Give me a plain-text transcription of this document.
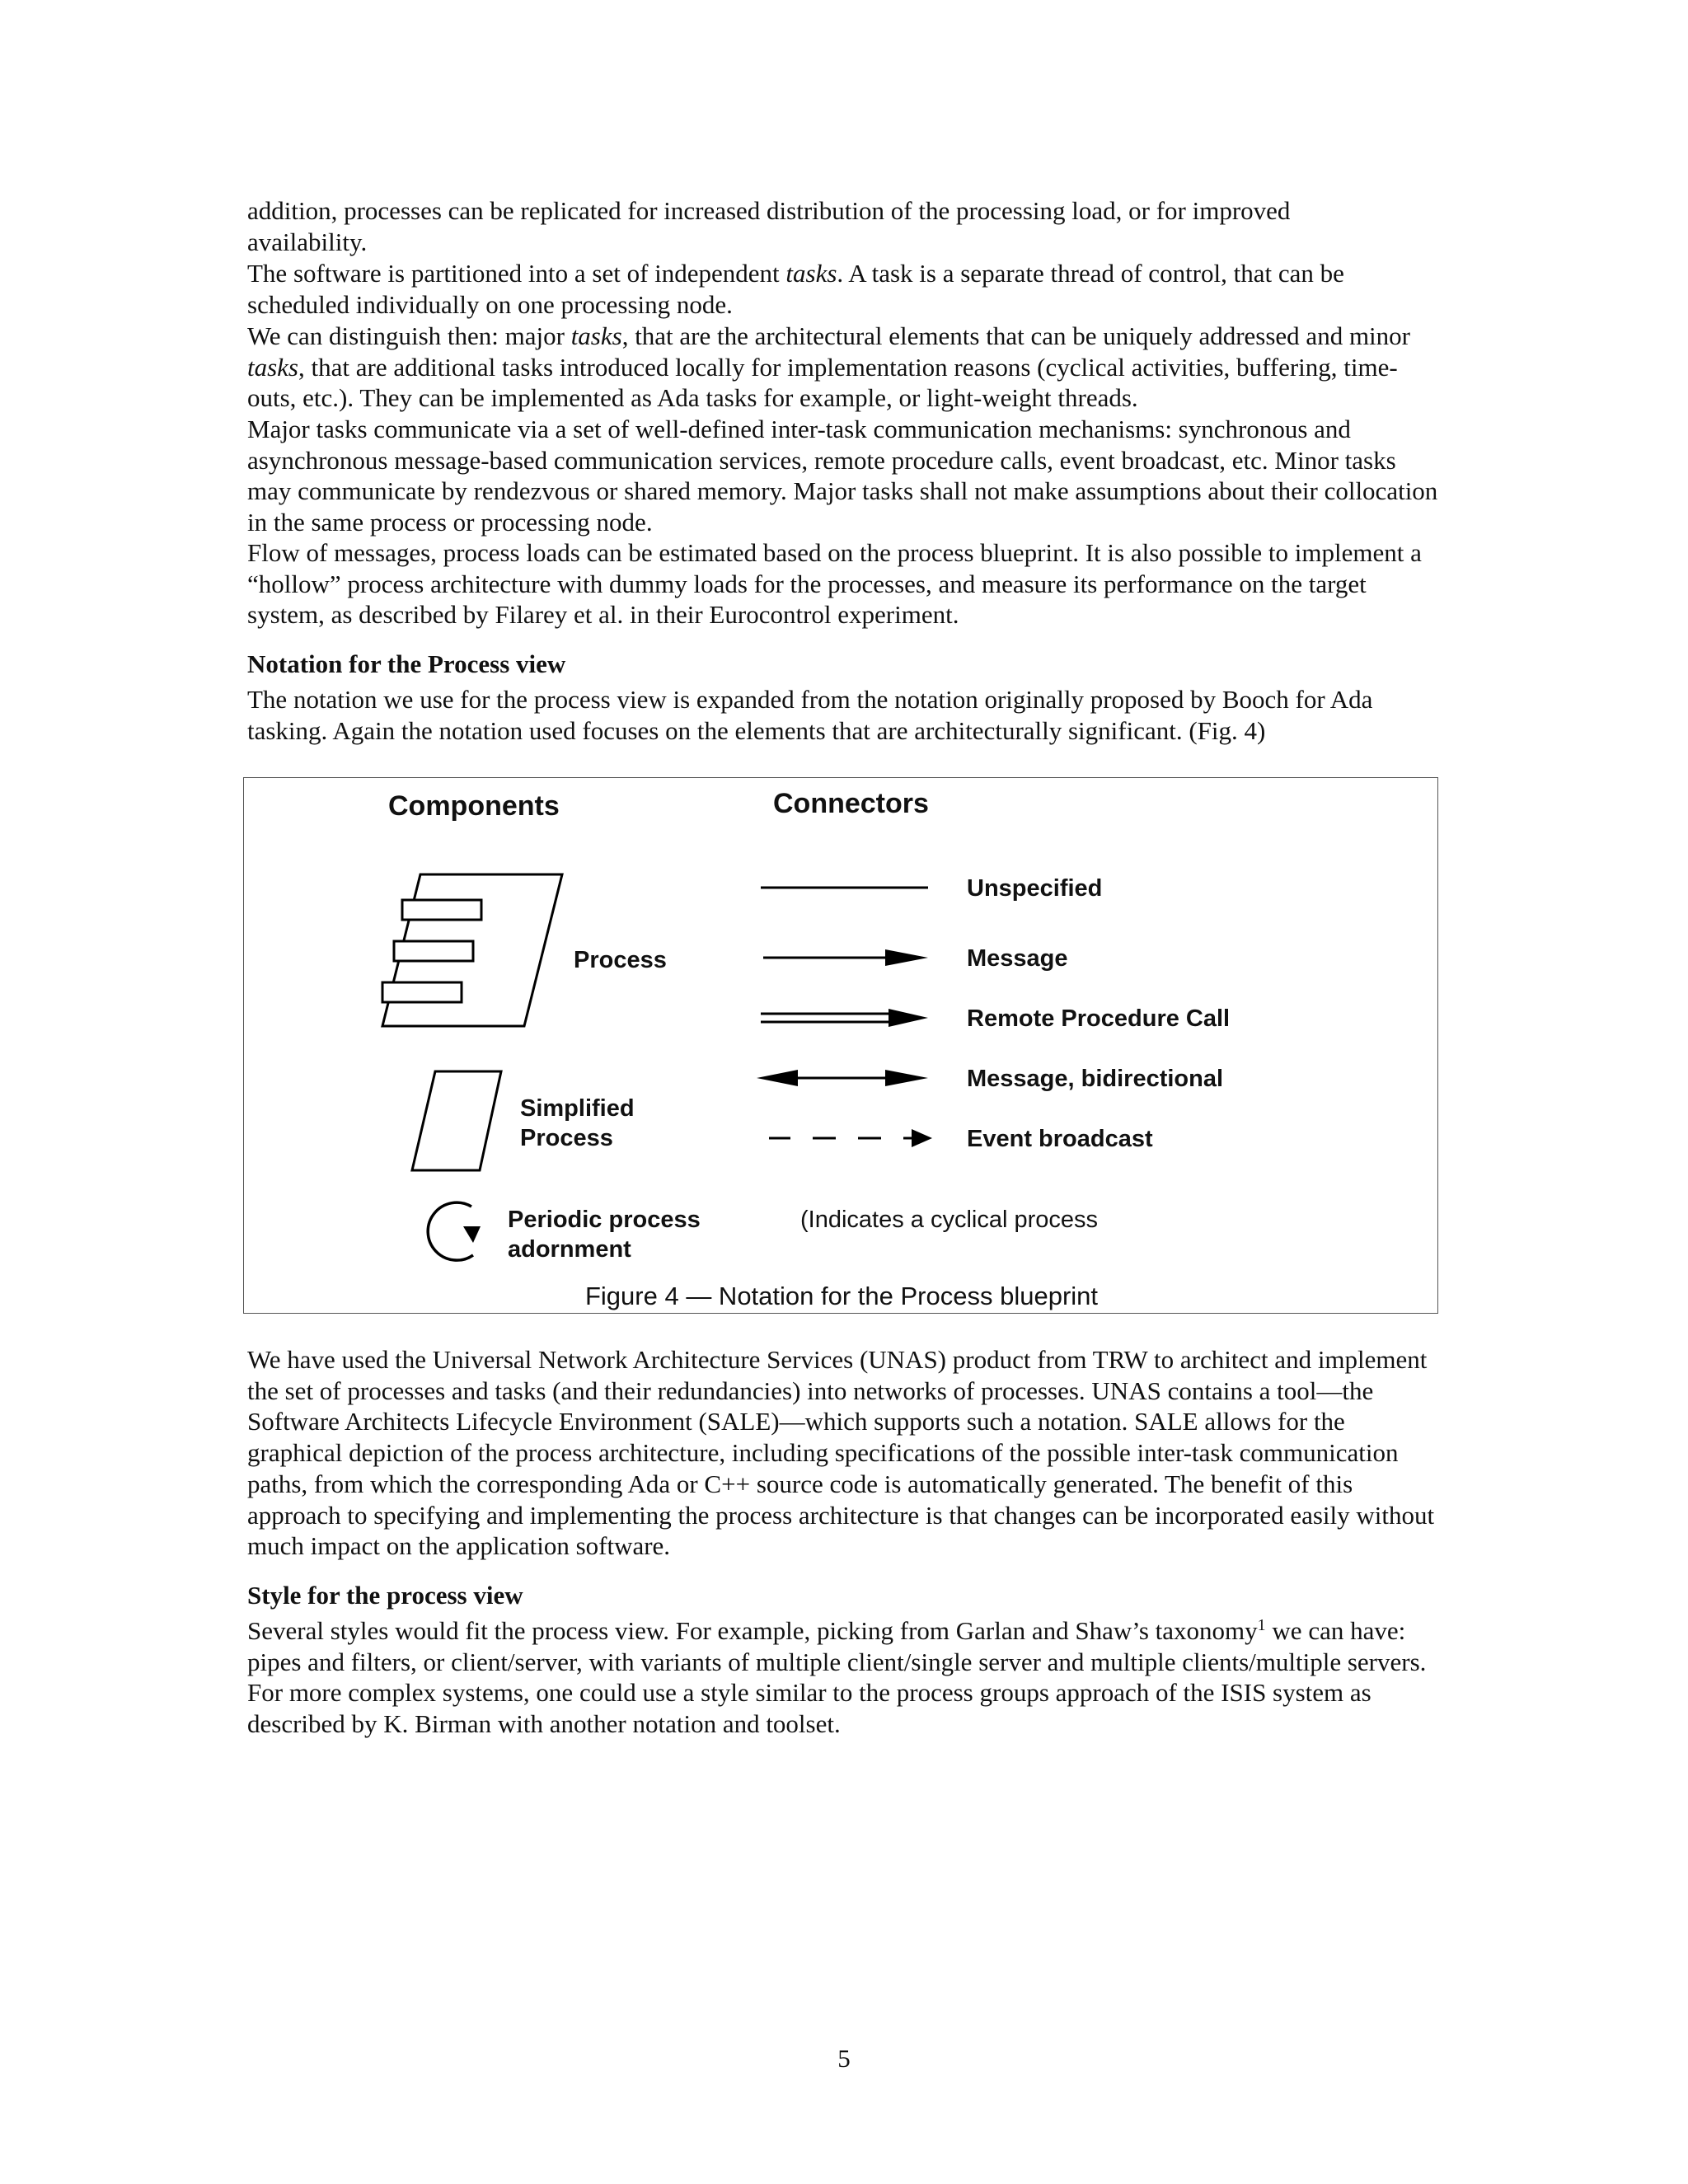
addition, processes can be replicated for increased distribution of the processing load, or for improved
availability.

The software is partitioned into a set of independent tasks. A task is a separate thread of control, that can be scheduled individually on one processing node.

We can distinguish then: major tasks, that are the architectural elements that can be uniquely addressed and minor tasks, that are additional tasks introduced locally for implementation reasons (cyclical activities, buffering, time-outs, etc.). They can be implemented as Ada tasks for example, or light-weight threads.

Major tasks communicate via a set of well-defined inter-task communication mechanisms: synchronous and asynchronous message-based communication services, remote procedure calls, event broadcast, etc. Minor tasks may communicate by rendezvous or shared memory. Major tasks shall not make assumptions about their collocation in the same process or processing node.

Flow of messages, process loads can be estimated based on the process blueprint. It is also possible to implement a “hollow” process architecture with dummy loads for the processes, and measure its performance on the target system, as described by Filarey et al. in their Eurocontrol experiment.

Notation for the Process view

The notation we use for the process view is expanded from the notation originally proposed by Booch for Ada tasking. Again the notation used focuses on the elements that are architecturally significant. (Fig. 4)

Components	Connectors
Process
Simplified
Process
Periodic process
adornment
(Indicates a cyclical process
Unspecified
Message
Remote Procedure Call
Message, bidirectional
Event broadcast
Figure 4 — Notation for the Process blueprint

We have used the Universal Network Architecture Services (UNAS) product from TRW to architect and implement the set of processes and tasks (and their redundancies) into networks of processes. UNAS contains a tool—the Software Architects Lifecycle Environment (SALE)—which supports such a notation. SALE allows for the graphical depiction of the process architecture, including specifications of the possible inter-task communication paths, from which the corresponding Ada or C++ source code is automatically generated. The benefit of this approach to specifying and implementing the process architecture is that changes can be incorporated easily without much impact on the application software.

Style for the process view

Several styles would fit the process view. For example, picking from Garlan and Shaw’s taxonomy$^1$ we can have: pipes and filters, or client/server, with variants of multiple client/single server and multiple clients/multiple servers. For more complex systems, one could use a style similar to the process groups approach of the ISIS system as described by K. Birman with another notation and toolset.

5
